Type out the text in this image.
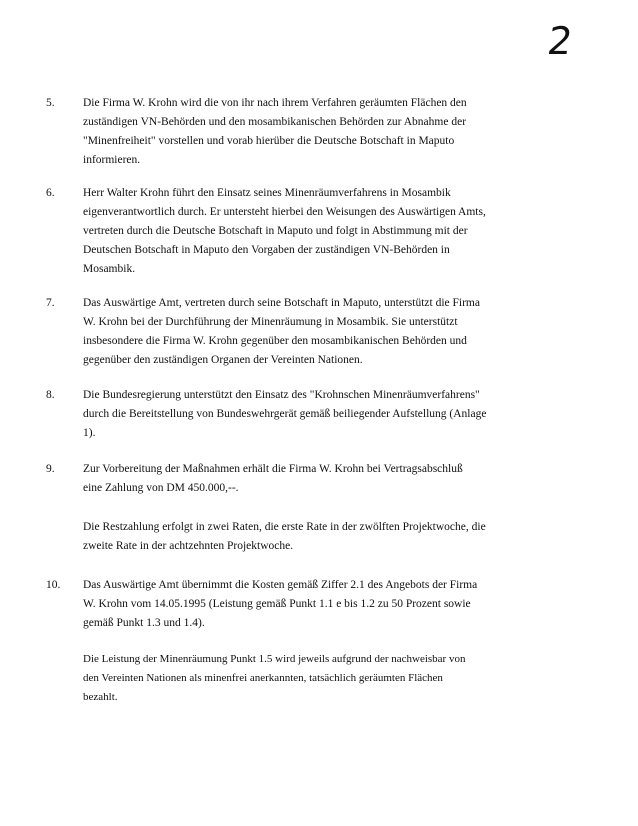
2
5. Die Firma W. Krohn wird die von ihr nach ihrem Verfahren geräumten Flächen den
zuständigen VN-Behörden und den mosambikanischen Behörden zur Abnahme der
"Minenfreiheit" vorstellen und vorab hierüber die Deutsche Botschaft in Maputo
informieren.

6. Herr Walter Krohn führt den Einsatz seines Minenräumverfahrens in Mosambik
eigenverantwortlich durch. Er untersteht hierbei den Weisungen des Auswärtigen Amts,
vertreten durch die Deutsche Botschaft in Maputo und folgt in Abstimmung mit der
Deutschen Botschaft in Maputo den Vorgaben der zuständigen VN-Behörden in
Mosambik.

7. Das Auswärtige Amt, vertreten durch seine Botschaft in Maputo, unterstützt die Firma
W. Krohn bei der Durchführung der Minenräumung in Mosambik. Sie unterstützt
insbesondere die Firma W. Krohn gegenüber den mosambikanischen Behörden und
gegenüber den zuständigen Organen der Vereinten Nationen.

8. Die Bundesregierung unterstützt den Einsatz des "Krohnschen Minenräumverfahrens"
durch die Bereitstellung von Bundeswehrgerät gemäß beiliegender Aufstellung (Anlage
1).

9. Zur Vorbereitung der Maßnahmen erhält die Firma W. Krohn bei Vertragsabschluß
eine Zahlung von DM 450.000,--.

Die Restzahlung erfolgt in zwei Raten, die erste Rate in der zwölften Projektwoche, die
zweite Rate in der achtzehnten Projektwoche.

10. Das Auswärtige Amt übernimmt die Kosten gemäß Ziffer 2.1 des Angebots der Firma
W. Krohn vom 14.05.1995 (Leistung gemäß Punkt 1.1 e bis 1.2 zu 50 Prozent sowie
gemäß Punkt 1.3 und 1.4).

Die Leistung der Minenräumung Punkt 1.5 wird jeweils aufgrund der nachweisbar von
den Vereinten Nationen als minenfrei anerkannten, tatsächlich geräumten Flächen
bezahlt.
